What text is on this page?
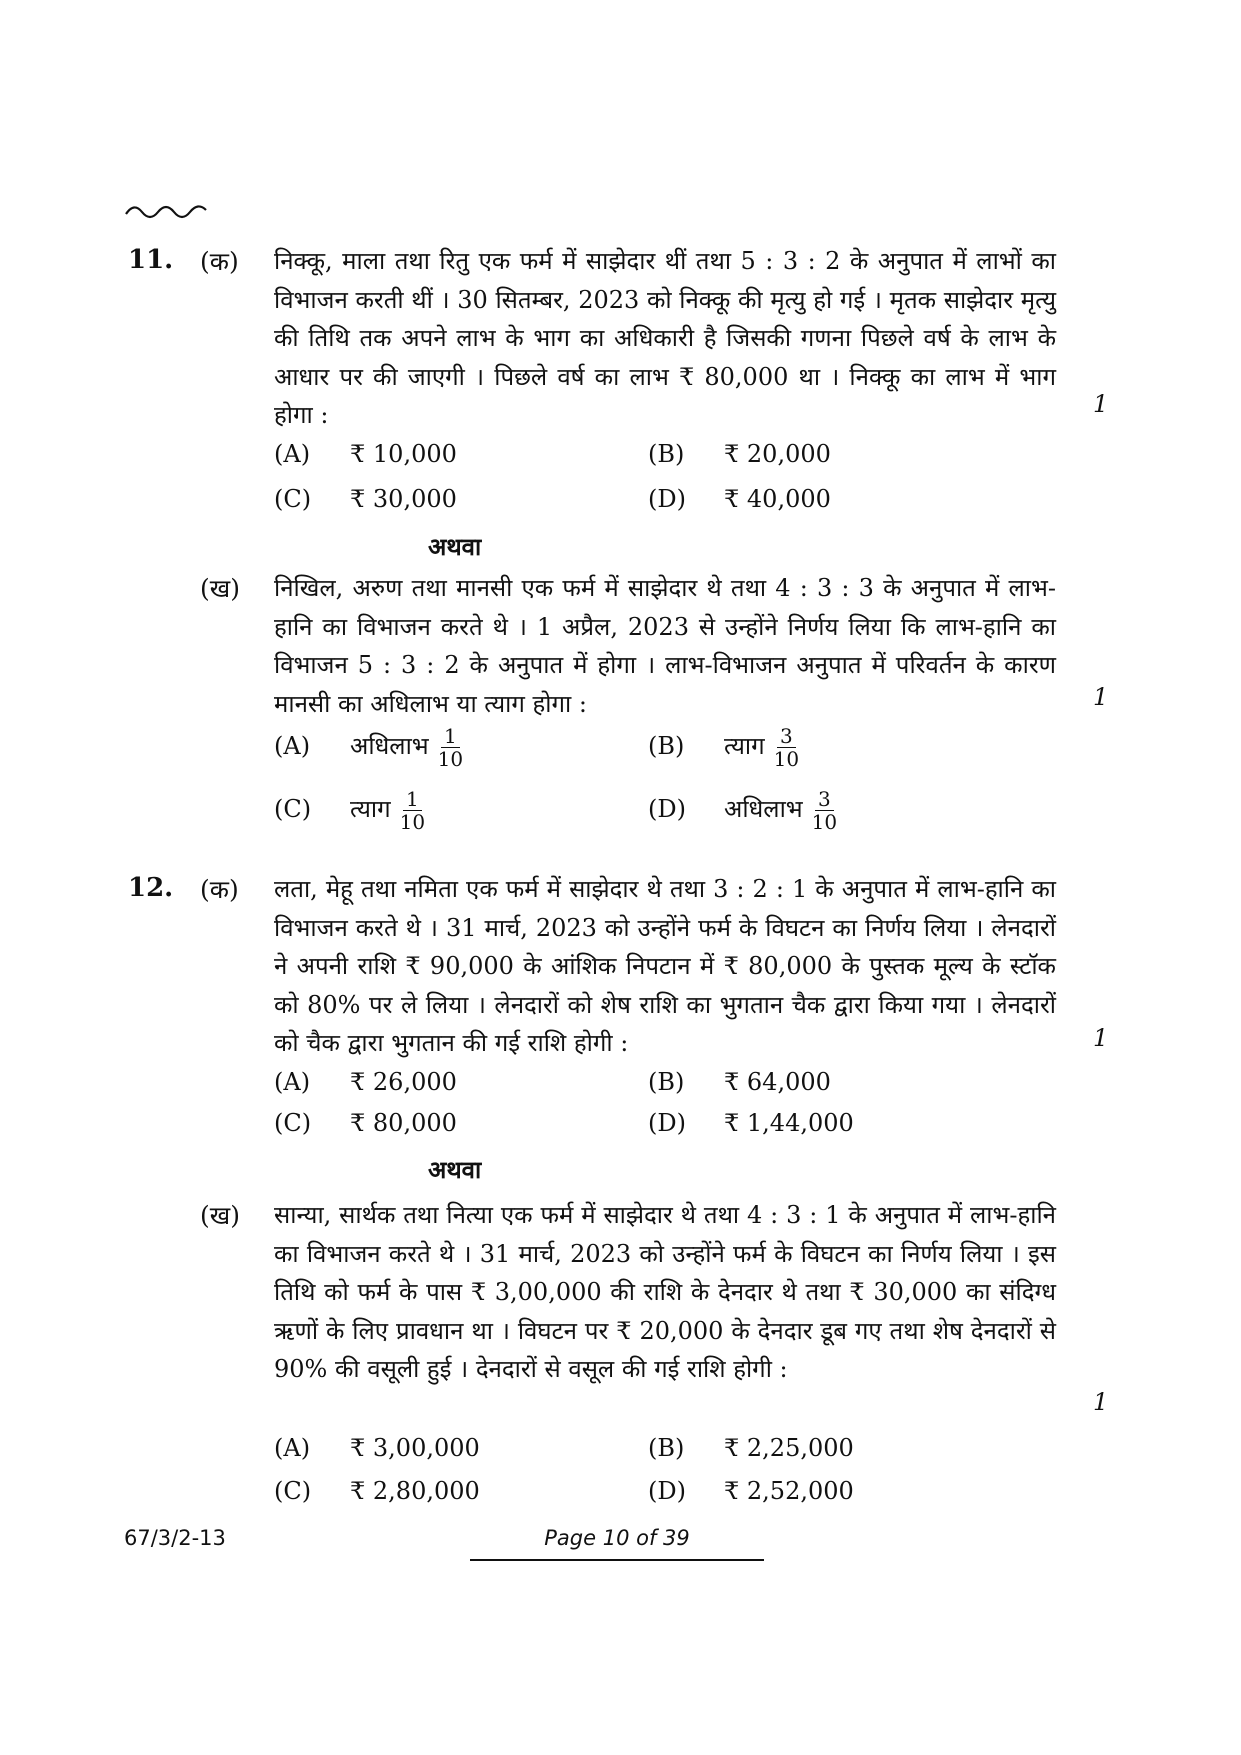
11. (क) निक्कू, माला तथा रितु एक फर्म में साझेदार थीं तथा 5 : 3 : 2 के अनुपात में लाभों का विभाजन करती थीं । 30 सितम्बर, 2023 को निक्कू की मृत्यु हो गई । मृतक साझेदार मृत्यु की तिथि तक अपने लाभ के भाग का अधिकारी है जिसकी गणना पिछले वर्ष के लाभ के आधार पर की जाएगी । पिछले वर्ष का लाभ ₹ 80,000 था । निक्कू का लाभ में भाग होगा :	1
(A) ₹ 10,000	(B) ₹ 20,000
(C) ₹ 30,000	(D) ₹ 40,000
अथवा
(ख) निखिल, अरुण तथा मानसी एक फर्म में साझेदार थे तथा 4 : 3 : 3 के अनुपात में लाभ-हानि का विभाजन करते थे । 1 अप्रैल, 2023 से उन्होंने निर्णय लिया कि लाभ-हानि का विभाजन 5 : 3 : 2 के अनुपात में होगा । लाभ-विभाजन अनुपात में परिवर्तन के कारण मानसी का अधिलाभ या त्याग होगा :	1
(A) अधिलाभ $\frac{1}{10}$	(B) त्याग $\frac{3}{10}$
(C) त्याग $\frac{1}{10}$	(D) अधिलाभ $\frac{3}{10}$
12. (क) लता, मेहू तथा नमिता एक फर्म में साझेदार थे तथा 3 : 2 : 1 के अनुपात में लाभ-हानि का विभाजन करते थे । 31 मार्च, 2023 को उन्होंने फर्म के विघटन का निर्णय लिया । लेनदारों ने अपनी राशि ₹ 90,000 के आंशिक निपटान में ₹ 80,000 के पुस्तक मूल्य के स्टॉक को 80% पर ले लिया । लेनदारों को शेष राशि का भुगतान चैक द्वारा किया गया । लेनदारों को चैक द्वारा भुगतान की गई राशि होगी :	1
(A) ₹ 26,000	(B) ₹ 64,000
(C) ₹ 80,000	(D) ₹ 1,44,000
अथवा
(ख) सान्या, सार्थक तथा नित्या एक फर्म में साझेदार थे तथा 4 : 3 : 1 के अनुपात में लाभ-हानि का विभाजन करते थे । 31 मार्च, 2023 को उन्होंने फर्म के विघटन का निर्णय लिया । इस तिथि को फर्म के पास ₹ 3,00,000 की राशि के देनदार थे तथा ₹ 30,000 का संदिग्ध ऋणों के लिए प्रावधान था । विघटन पर ₹ 20,000 के देनदार डूब गए तथा शेष देनदारों से 90% की वसूली हुई । देनदारों से वसूल की गई राशि होगी :
1
(A) ₹ 3,00,000	(B) ₹ 2,25,000
(C) ₹ 2,80,000	(D) ₹ 2,52,000
67/3/2-13	Page 10 of 39
